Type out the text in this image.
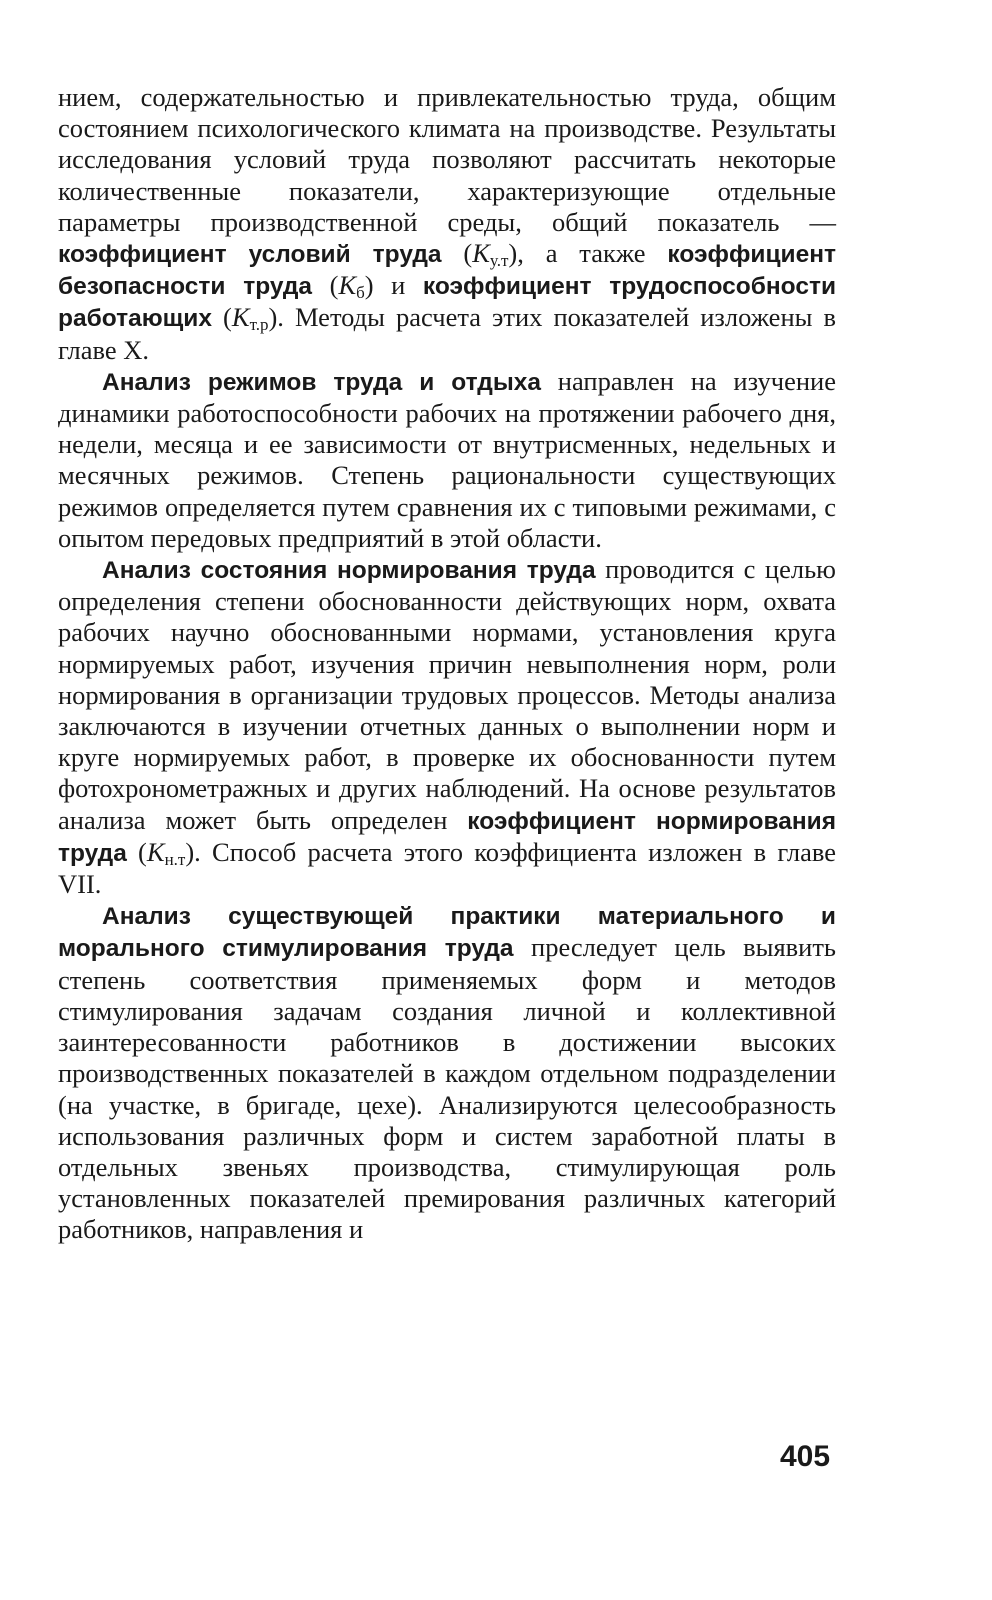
нием, содержательностью и привлекательностью труда, общим состоянием психологического климата на производстве. Результаты исследования условий труда позволяют рассчитать некоторые количественные показатели, характеризующие отдельные параметры производственной среды, общий показатель — коэффициент условий труда $(K_{у.т})$, а также коэффициент безопасности труда $(K_б)$ и коэффициент трудоспособности работающих $(K_{т.р})$. Методы расчета этих показателей изложены в главе X.

Анализ режимов труда и отдыха направлен на изучение динамики работоспособности рабочих на протяжении рабочего дня, недели, месяца и ее зависимости от внутрисменных, недельных и месячных режимов. Степень рациональности существующих режимов определяется путем сравнения их с типовыми режимами, с опытом передовых предприятий в этой области.

Анализ состояния нормирования труда проводится с целью определения степени обоснованности действующих норм, охвата рабочих научно обоснованными нормами, установления круга нормируемых работ, изучения причин невыполнения норм, роли нормирования в организации трудовых процессов. Методы анализа заключаются в изучении отчетных данных о выполнении норм и круге нормируемых работ, в проверке их обоснованности путем фотохронометражных и других наблюдений. На основе результатов анализа может быть определен коэффициент нормирования труда $(K_{н.т})$. Способ расчета этого коэффициента изложен в главе VII.

Анализ существующей практики материального и морального стимулирования труда преследует цель выявить степень соответствия применяемых форм и методов стимулирования задачам создания личной и коллективной заинтересованности работников в достижении высоких производственных показателей в каждом отдельном подразделении (на участке, в бригаде, цехе). Анализируются целесообразность использования различных форм и систем заработной платы в отдельных звеньях производства, стимулирующая роль установленных показателей премирования различных категорий работников, направления и

405
